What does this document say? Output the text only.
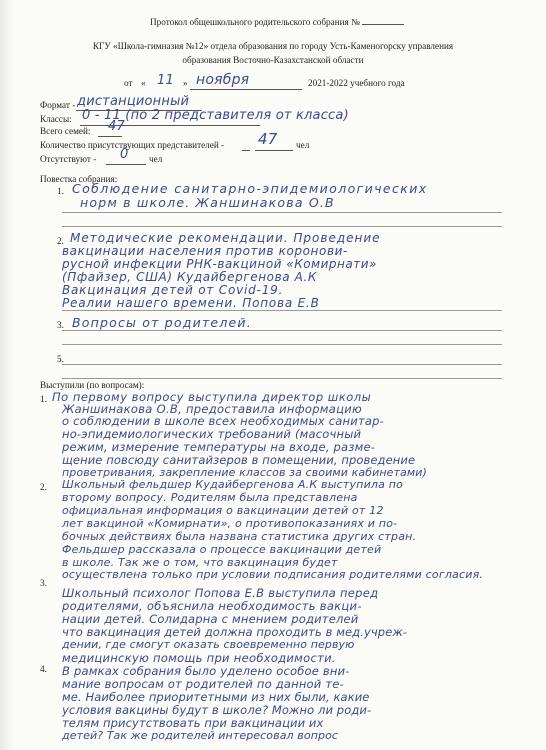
Протокол общешкольного родительского собрания №
КГУ «Школа-гимназия №12» отдела образования по городу Усть-Каменогорску управления
образования Восточно-Казахстанской области
от « 11 » ноября	2021-2022 учебного года
Формат - дистанционный
Классы: 0 - 11 (по 2 представителя от класса)
Всего семей: 47
Количество присутствующих представителей - 47 чел
Отсутствуют - 0 чел
Повестка собрания:
1. Соблюдение санитарно-эпидемиологических
норм в школе. Жаншинакова О.В
2. Методические рекомендации. Проведение
вакцинации населения против коронови-
русной инфекции РНК-вакциной «Комирнати»
(Пфайзер, США) Кудайбергенова А.К
Вакцинация детей от Covid-19.
Реалии нашего времени. Попова Е.В
3. Вопросы от родителей.
5.
Выступили (по вопросам):
1. По первому вопросу выступила директор школы
Жаншинакова О.В, предоставила информацию
о соблюдении в школе всех необходимых санитар-
но-эпидемиологических требований (масочный
режим, измерение температуры на входе, разме-
щение повсюду санитайзеров в помещении, проведение
проветривания, закрепление классов за своими кабинетами)
2. Школьный фельдшер Кудайбергенова А.К выступила по
второму вопросу. Родителям была представлена
официальная информация о вакцинации детей от 12
лет вакциной «Комирнати», о противопоказаниях и по-
бочных действиях была названа статистика других стран.
Фельдшер рассказала о процессе вакцинации детей
в школе. Так же о том, что вакцинация будет
осуществлена только при условии подписания родителями согласия.
3.
Школьный психолог Попова Е.В выступила перед
родителями, объяснила необходимость вакци-
нации детей. Солидарна с мнением родителей
что вакцинация детей должна проходить в мед.учреж-
дении, где смогут оказать своевременно первую
медицинскую помощь при необходимости.
4. В рамках собрания было уделено особое вни-
мание вопросам от родителей по данной те-
ме. Наиболее приоритетными из них были, какие
условия вакцины будут в школе? Можно ли роди-
телям присутствовать при вакцинации их
детей? Так же родителей интересовал вопрос
